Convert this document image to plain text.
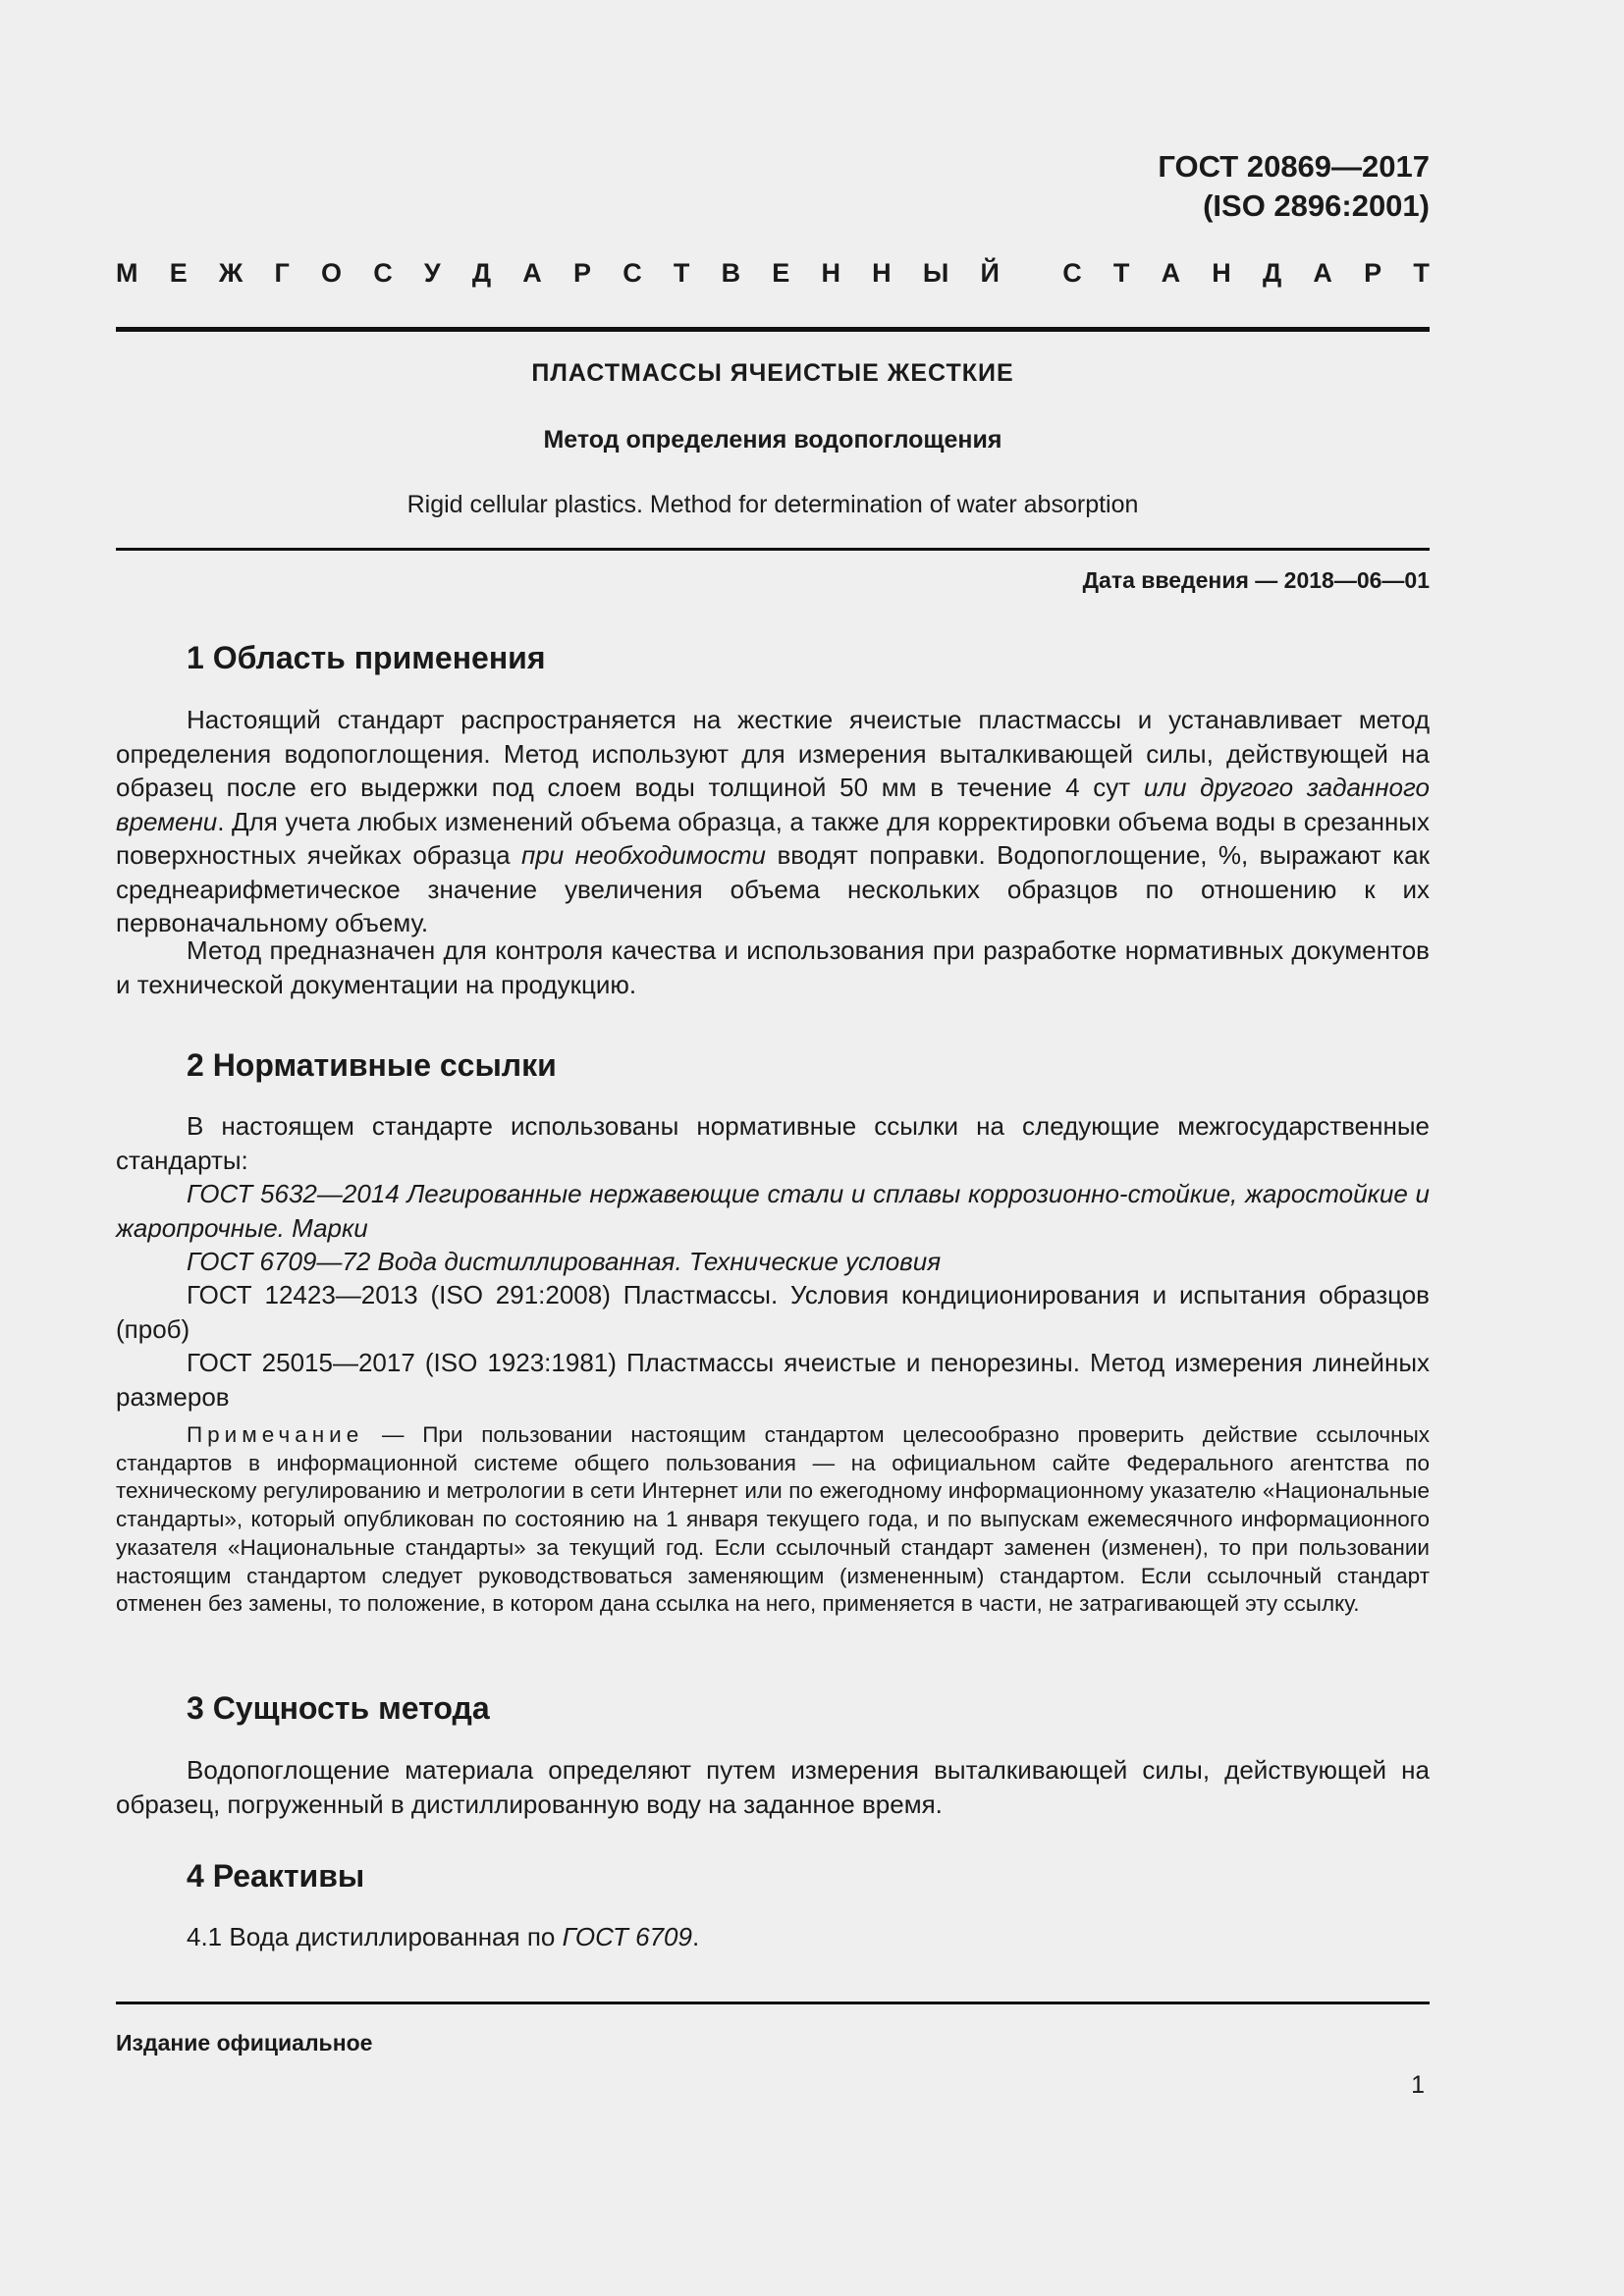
ГОСТ 20869—2017
(ISO 2896:2001)
М Е Ж Г О С У Д А Р С Т В Е Н Н Ы Й С Т А Н Д А Р Т
ПЛАСТМАССЫ ЯЧЕИСТЫЕ ЖЕСТКИЕ
Метод определения водопоглощения
Rigid cellular plastics. Method for determination of water absorption
Дата введения — 2018—06—01
1 Область применения
Настоящий стандарт распространяется на жесткие ячеистые пластмассы и устанавливает метод определения водопоглощения. Метод используют для измерения выталкивающей силы, действующей на образец после его выдержки под слоем воды толщиной 50 мм в течение 4 сут или другого заданного времени. Для учета любых изменений объема образца, а также для корректировки объема воды в срезанных поверхностных ячейках образца при необходимости вводят поправки. Водопоглощение, %, выражают как среднеарифметическое значение увеличения объема нескольких образцов по отношению к их первоначальному объему.
Метод предназначен для контроля качества и использования при разработке нормативных документов и технической документации на продукцию.
2 Нормативные ссылки
В настоящем стандарте использованы нормативные ссылки на следующие межгосударственные стандарты:
ГОСТ 5632—2014 Легированные нержавеющие стали и сплавы коррозионно-стойкие, жаростойкие и жаропрочные. Марки
ГОСТ 6709—72 Вода дистиллированная. Технические условия
ГОСТ 12423—2013 (ISO 291:2008) Пластмассы. Условия кондиционирования и испытания образцов (проб)
ГОСТ 25015—2017 (ISO 1923:1981) Пластмассы ячеистые и пенорезины. Метод измерения линейных размеров
Примечание — При пользовании настоящим стандартом целесообразно проверить действие ссылочных стандартов в информационной системе общего пользования — на официальном сайте Федерального агентства по техническому регулированию и метрологии в сети Интернет или по ежегодному информационному указателю «Национальные стандарты», который опубликован по состоянию на 1 января текущего года, и по выпускам ежемесячного информационного указателя «Национальные стандарты» за текущий год. Если ссылочный стандарт заменен (изменен), то при пользовании настоящим стандартом следует руководствоваться заменяющим (измененным) стандартом. Если ссылочный стандарт отменен без замены, то положение, в котором дана ссылка на него, применяется в части, не затрагивающей эту ссылку.
3 Сущность метода
Водопоглощение материала определяют путем измерения выталкивающей силы, действующей на образец, погруженный в дистиллированную воду на заданное время.
4 Реактивы
4.1 Вода дистиллированная по ГОСТ 6709.
Издание официальное
1
